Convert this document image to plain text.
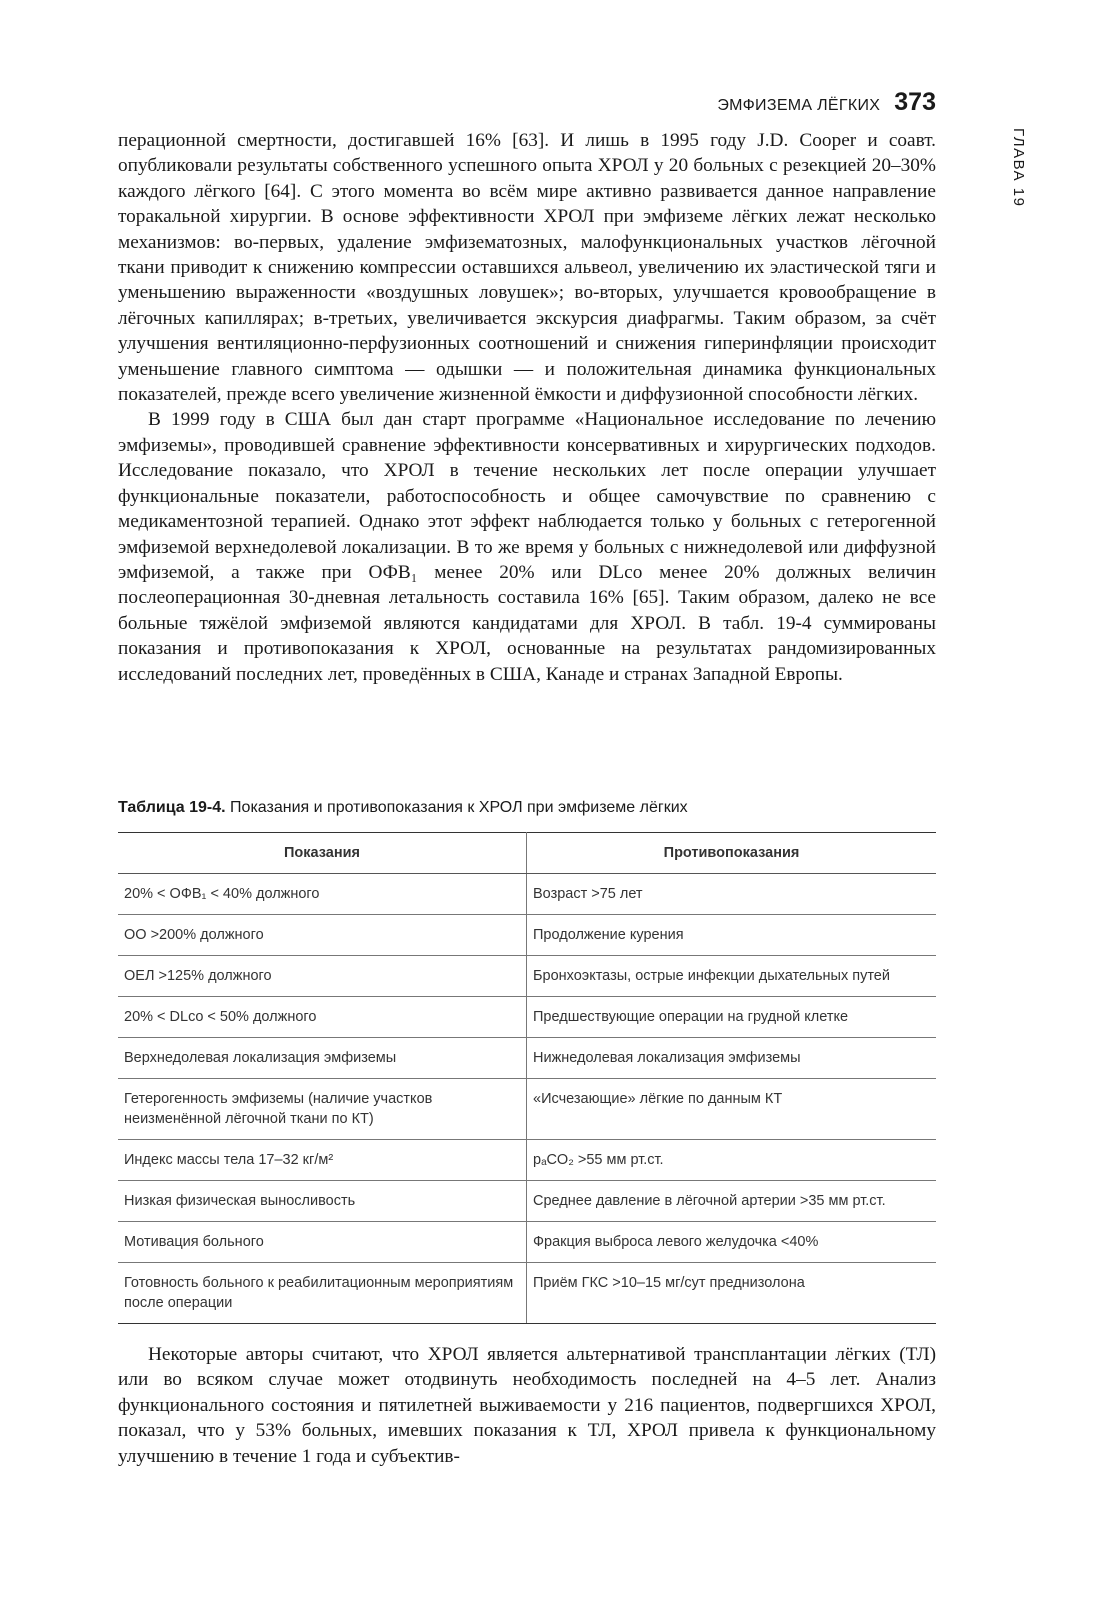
ЭМФИЗЕМА ЛЁГКИХ 373
ГЛАВА 19

перационной смертности, достигавшей 16% [63]. И лишь в 1995 году J.D. Cooper и соавт. опубликовали результаты собственного успешного опыта ХРОЛ у 20 больных с резекцией 20–30% каждого лёгкого [64]. С этого момента во всём мире активно развивается данное направление торакальной хирургии. В основе эффективности ХРОЛ при эмфиземе лёгких лежат несколько механизмов: во-первых, удаление эмфизематозных, малофункциональных участков лёгочной ткани приводит к снижению компрессии оставшихся альвеол, увеличению их эластической тяги и уменьшению выраженности «воздушных ловушек»; во-вторых, улучшается кровообращение в лёгочных капиллярах; в-третьих, увеличивается экскурсия диафрагмы. Таким образом, за счёт улучшения вентиляционно-перфузионных соотношений и снижения гиперинфляции происходит уменьшение главного симптома — одышки — и положительная динамика функциональных показателей, прежде всего увеличение жизненной ёмкости и диффузионной способности лёгких.

В 1999 году в США был дан старт программе «Национальное исследование по лечению эмфиземы», проводившей сравнение эффективности консервативных и хирургических подходов. Исследование показало, что ХРОЛ в течение нескольких лет после операции улучшает функциональные показатели, работоспособность и общее самочувствие по сравнению с медикаментозной терапией. Однако этот эффект наблюдается только у больных с гетерогенной эмфиземой верхнедолевой локализации. В то же время у больных с нижнедолевой или диффузной эмфиземой, а также при ОФВ₁ менее 20% или DLco менее 20% должных величин послеоперационная 30-дневная летальность составила 16% [65]. Таким образом, далеко не все больные тяжёлой эмфиземой являются кандидатами для ХРОЛ. В табл. 19-4 суммированы показания и противопоказания к ХРОЛ, основанные на результатах рандомизированных исследований последних лет, проведённых в США, Канаде и странах Западной Европы.

Таблица 19-4. Показания и противопоказания к ХРОЛ при эмфиземе лёгких
Показания	Противопоказания
20% < ОФВ₁ < 40% должного	Возраст >75 лет
ОО >200% должного	Продолжение курения
ОЕЛ >125% должного	Бронхоэктазы, острые инфекции дыхательных путей
20% < DLco < 50% должного	Предшествующие операции на грудной клетке
Верхнедолевая локализация эмфиземы	Нижнедолевая локализация эмфиземы
Гетерогенность эмфиземы (наличие участков неизменённой лёгочной ткани по КТ)	«Исчезающие» лёгкие по данным КТ
Индекс массы тела 17–32 кг/м²	pₐCO₂ >55 мм рт.ст.
Низкая физическая выносливость	Среднее давление в лёгочной артерии >35 мм рт.ст.
Мотивация больного	Фракция выброса левого желудочка <40%
Готовность больного к реабилитационным мероприятиям после операции	Приём ГКС >10–15 мг/сут преднизолона

Некоторые авторы считают, что ХРОЛ является альтернативой трансплантации лёгких (ТЛ) или во всяком случае может отодвинуть необходимость последней на 4–5 лет. Анализ функционального состояния и пятилетней выживаемости у 216 пациентов, подвергшихся ХРОЛ, показал, что у 53% больных, имевших показания к ТЛ, ХРОЛ привела к функциональному улучшению в течение 1 года и субъектив-
